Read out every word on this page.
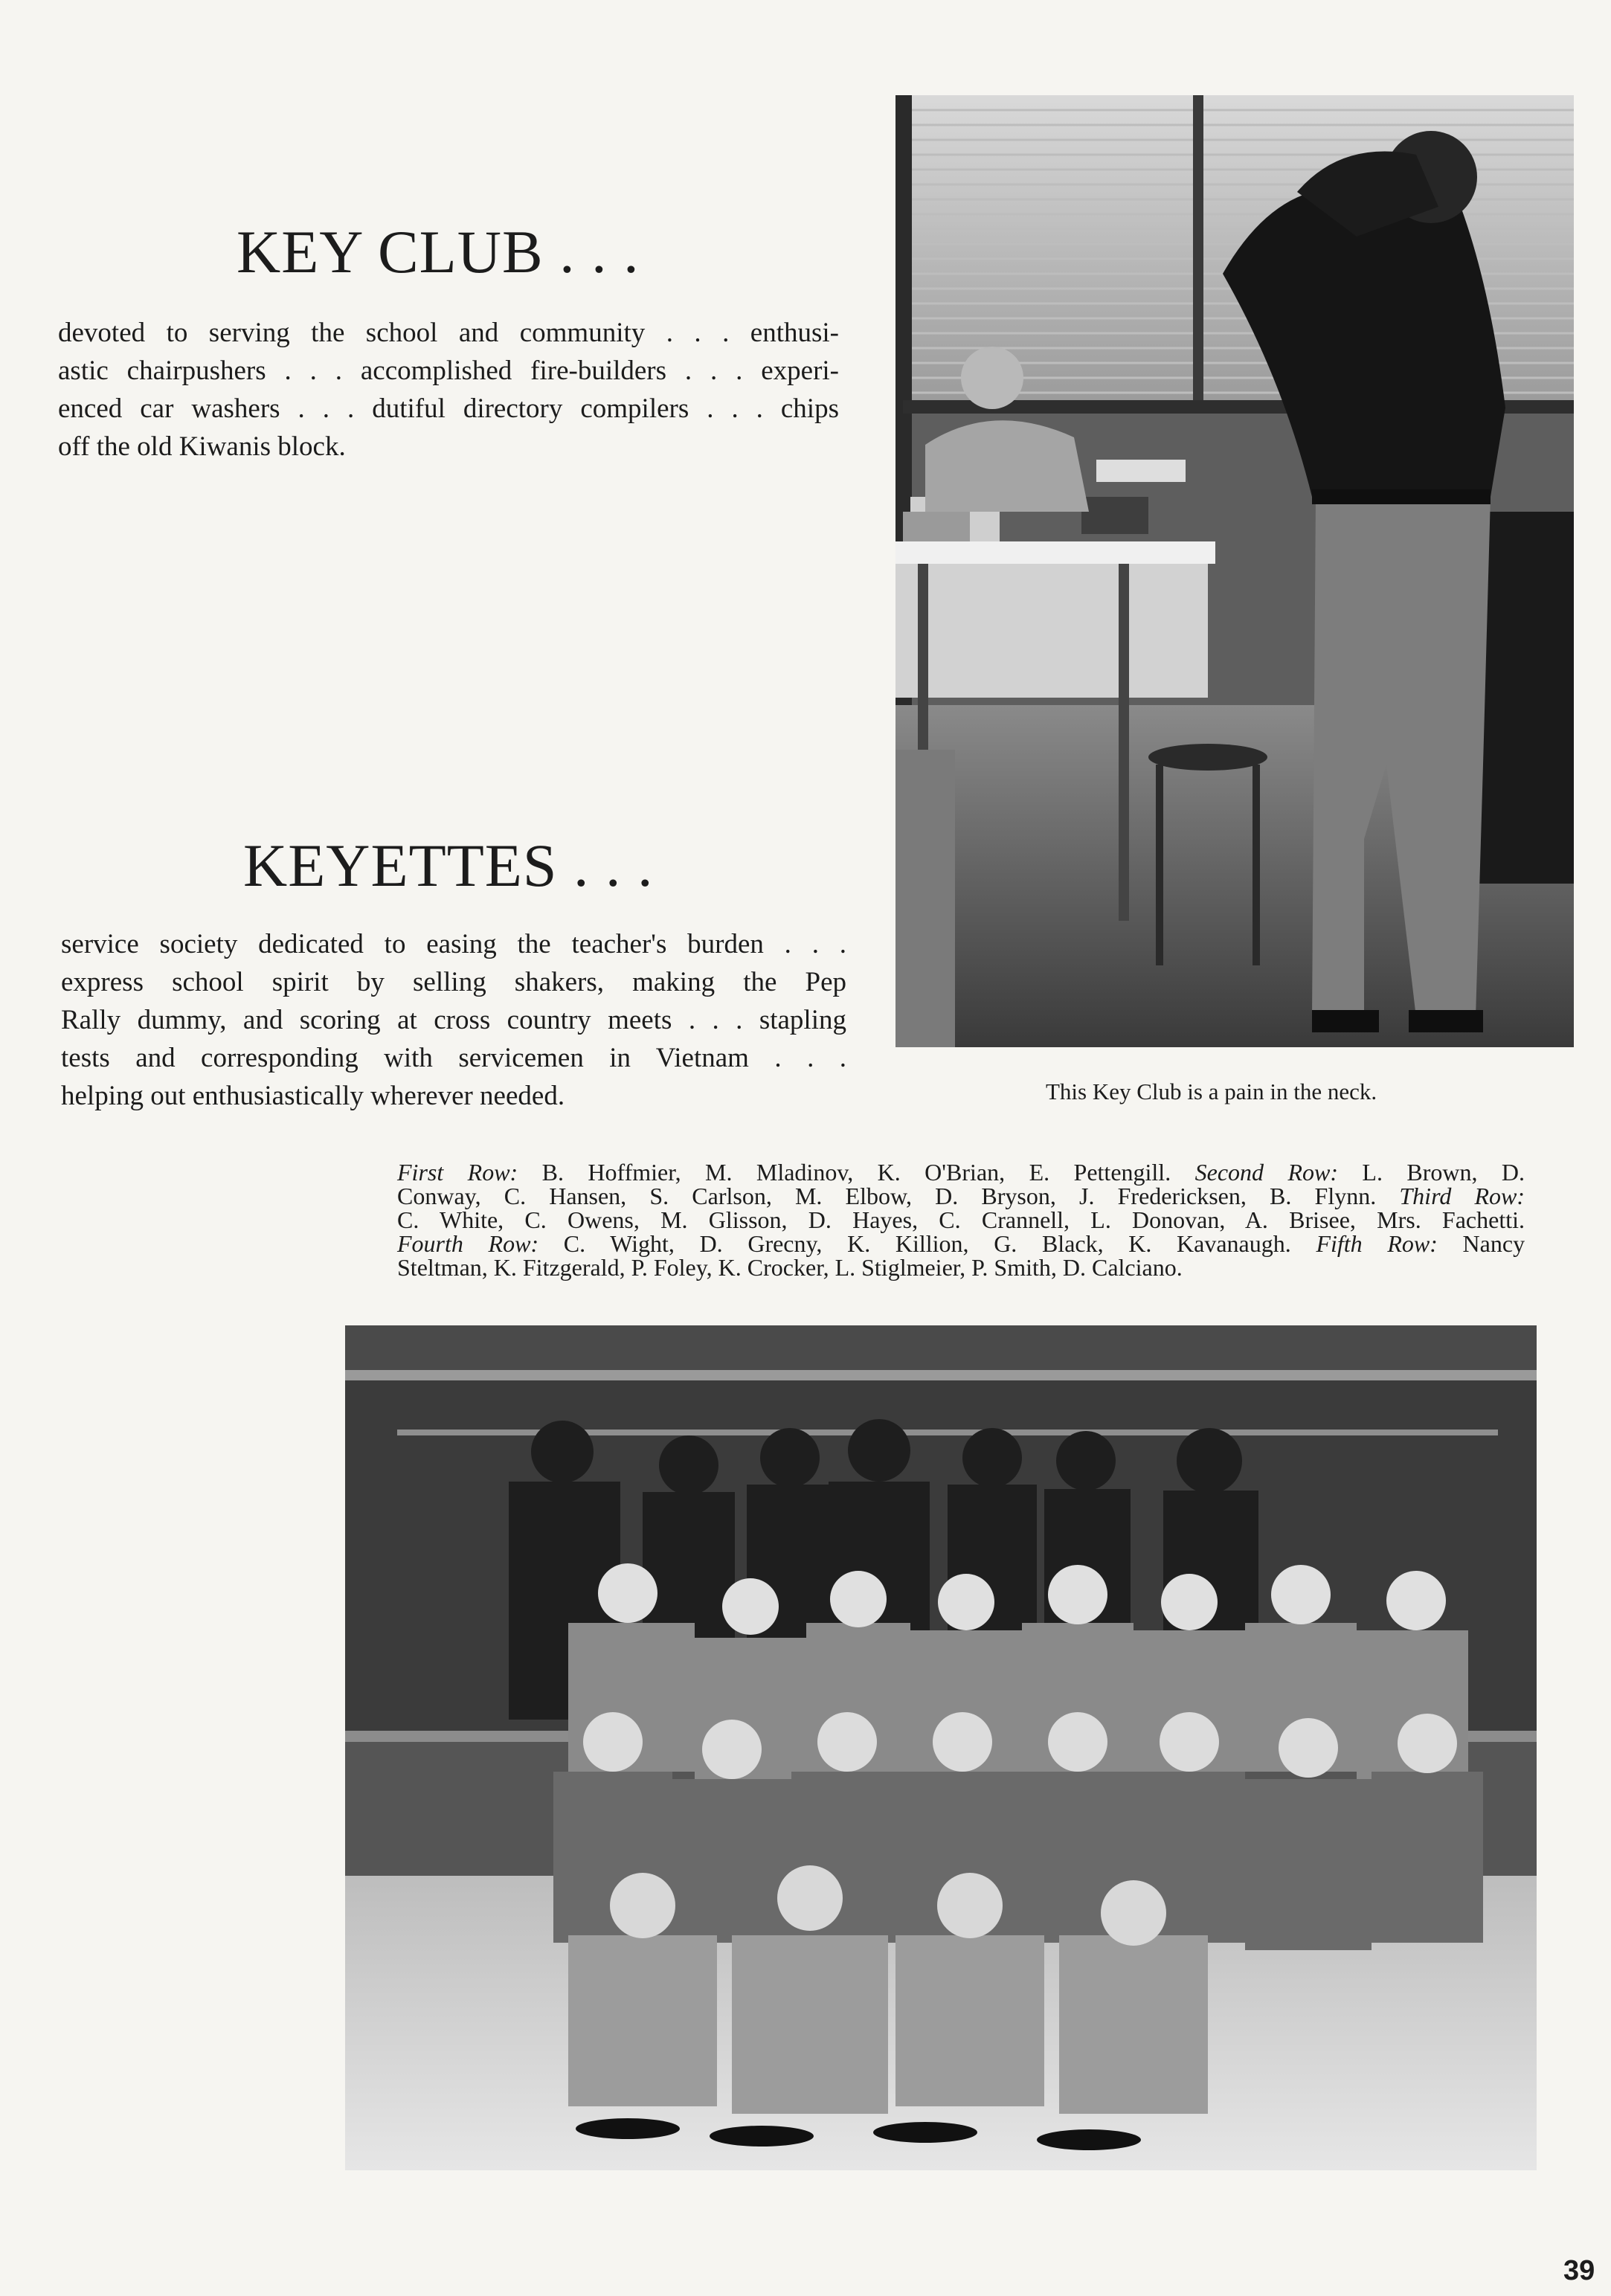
KEY CLUB . . .
devoted to serving the school and community . . . enthusi-
astic chairpushers . . . accomplished fire-builders . . . experi-
enced car washers . . . dutiful directory compilers . . . chips
off the old Kiwanis block.
This Key Club is a pain in the neck.
KEYETTES . . .
service society dedicated to easing the teacher's burden . . .
express school spirit by selling shakers, making the Pep
Rally dummy, and scoring at cross country meets . . . stapling
tests and corresponding with servicemen in Vietnam . . .
helping out enthusiastically wherever needed.
First Row: B. Hoffmier, M. Mladinov, K. O'Brian, E. Pettengill. Second Row: L. Brown, D.
Conway, C. Hansen, S. Carlson, M. Elbow, D. Bryson, J. Fredericksen, B. Flynn. Third Row:
C. White, C. Owens, M. Glisson, D. Hayes, C. Crannell, L. Donovan, A. Brisee, Mrs. Fachetti.
Fourth Row: C. Wight, D. Grecny, K. Killion, G. Black, K. Kavanaugh. Fifth Row: Nancy
Steltman, K. Fitzgerald, P. Foley, K. Crocker, L. Stiglmeier, P. Smith, D. Calciano.
39
